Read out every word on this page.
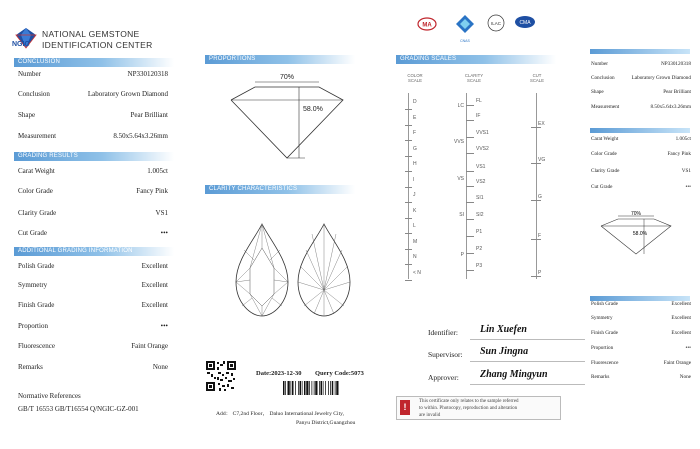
NGIC
NATIONAL GEMSTONE
IDENTIFICATION CENTER
CONCLUSION
Number	NP330120318
Conclusion	Laboratory Grown Diamond
Shape	Pear Brilliant
Measurement	8.50x5.64x3.26mm
GRADING RESULTS
Carat Weight	1.005ct
Color Grade	Fancy Pink
Clarity Grade	VS1
Cut Grade	•••
ADDITIONAL GRADING INFORMATION
Polish Grade	Excellent
Symmetry	Excellent
Finish Grade	Excellent
Proportion	•••
Fluorescence	Faint Orange
Remarks	None
Normative References
GB/T 16553 GB/T16554 Q/NGIC-GZ-001
PROPORTIONS
70%
58.0%
CLARITY CHARACTERISTICS
Date:2023-12-30 Query Code:5073
Add： C7,2nd Floor， Daluo International Jewelry City,
Panyu District,Guangzhou
MA
CNAS
ILAC	CMA
GRADING SCALES
COLOR SCALE
CLARITY SCALE
CUT SCALE
D
E
F
G
H
I
J
K
L
M
N
< N
FL
IF
VVS1
VVS2
VS1
VS2
SI1
SI2
P1
P2
P3
LC
VVS
VS
SI
P
EX
VG
G
F
P
Identifier: Lin Xuefen
Supervisor: Sun Jingna
Approver: Zhang Mingyun
!
This certificate only relates to the sample referred
to within. Photocopy, reproduction and alteration
are invalid
Number	NP330120318
Conclusion	Laboratory Grown Diamond
Shape	Pear Brilliant
Measurement	8.50x5.64x3.26mm
Carat Weight	1.005ct
Color Grade	Fancy Pink
Clarity Grade	VS1
Cut Grade	•••
70%
58.0%
Polish Grade	Excellent
Symmetry	Excellent
Finish Grade	Excellent
Proportion	•••
Fluorescence	Faint Orange
Remarks	None
